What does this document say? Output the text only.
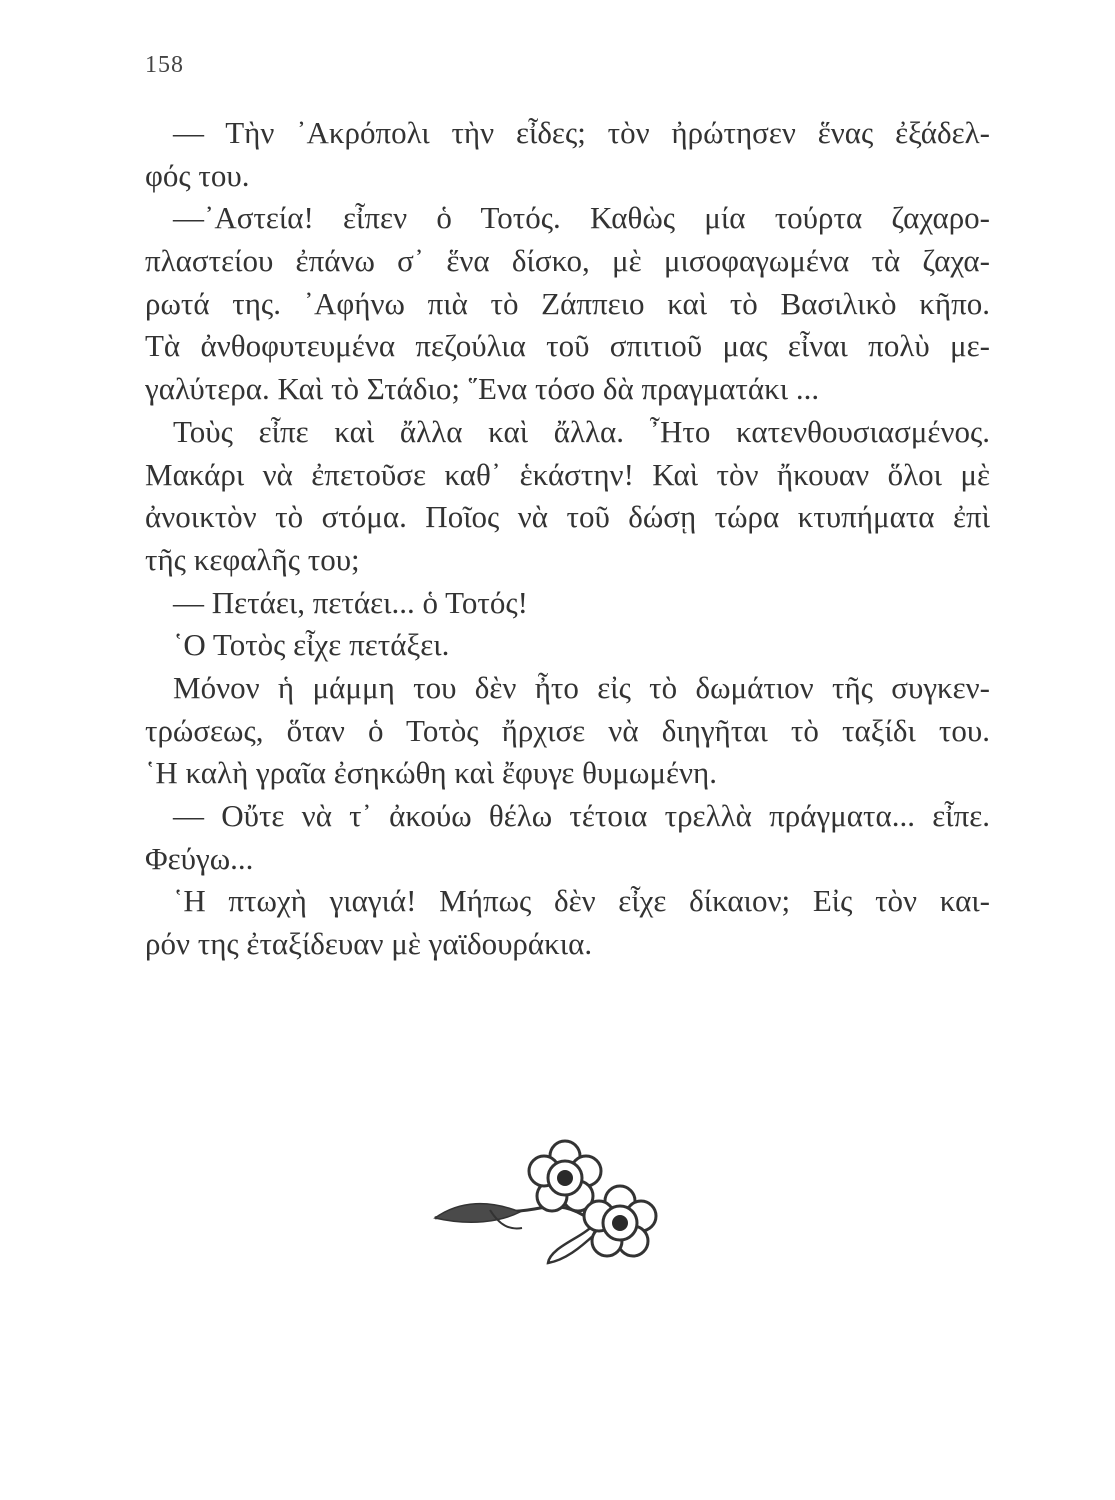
158
— Τὴν ᾿Ακρόπολι τὴν εἶδες; τὸν ἠρώτησεν ἕνας ἐξάδελ-
φός του.
—᾿Αστεία! εἶπεν ὁ Τοτός. Καθὼς μία τούρτα ζαχαρο-
πλαστείου ἐπάνω σ᾿ ἕνα δίσκο, μὲ μισοφαγωμένα τὰ ζαχα-
ρωτά της. ᾿Αφήνω πιὰ τὸ Ζάππειο καὶ τὸ Βασιλικὸ κῆπο.
Τὰ ἀνθοφυτευμένα πεζούλια τοῦ σπιτιοῦ μας εἶναι πολὺ με-
γαλύτερα. Καὶ τὸ Στάδιο; ῞Ενα τόσο δὰ πραγματάκι ...
Τοὺς εἶπε καὶ ἄλλα καὶ ἄλλα. ῏Ητο κατενθουσιασμένος.
Μακάρι νὰ ἐπετοῦσε καθ᾿ ἑκάστην! Καὶ τὸν ἤκουαν ὅλοι μὲ
ἀνοικτὸν τὸ στόμα. Ποῖος νὰ τοῦ δώσῃ τώρα κτυπήματα ἐπὶ
τῆς κεφαλῆς του;
— Πετάει, πετάει... ὁ Τοτός!
῾Ο Τοτὸς εἶχε πετάξει.
Μόνον ἡ μάμμη του δὲν ἦτο εἰς τὸ δωμάτιον τῆς συγκεν-
τρώσεως, ὅταν ὁ Τοτὸς ἤρχισε νὰ διηγῆται τὸ ταξίδι του.
῾Η καλὴ γραῖα ἐσηκώθη καὶ ἔφυγε θυμωμένη.
— Οὔτε νὰ τ᾿ ἀκούω θέλω τέτοια τρελλὰ πράγματα... εἶπε.
Φεύγω...
῾Η πτωχὴ γιαγιά! Μήπως δὲν εἶχε δίκαιον; Εἰς τὸν και-
ρόν της ἐταξίδευαν μὲ γαϊδουράκια.
